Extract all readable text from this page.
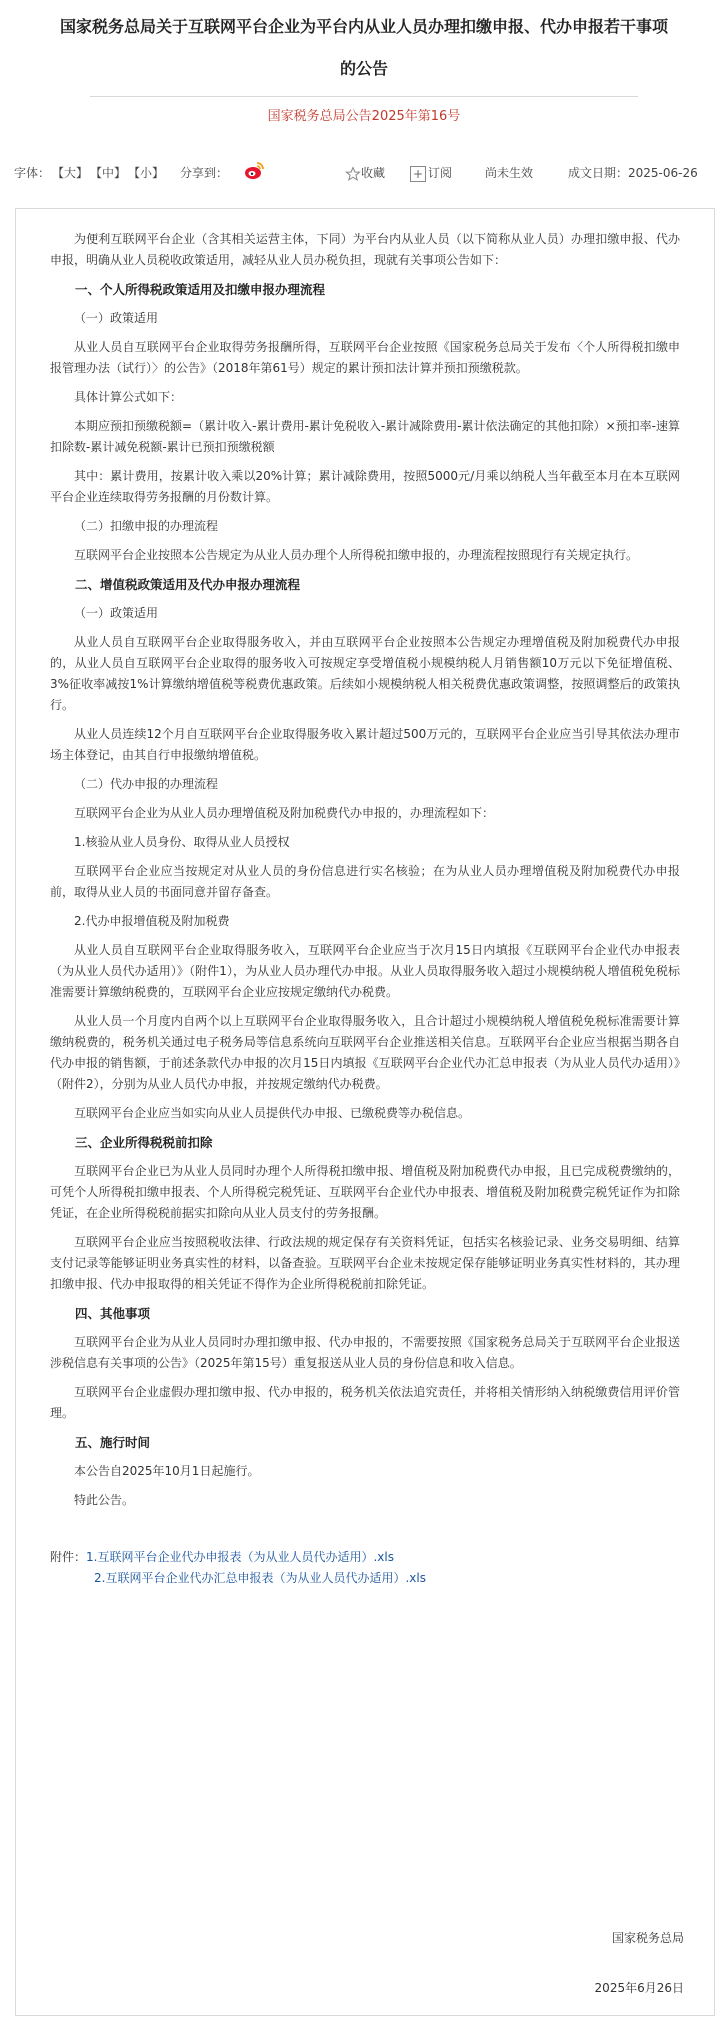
国家税务总局关于互联网平台企业为平台内从业人员办理扣缴申报、代办申报若干事项
的公告
国家税务总局公告2025年第16号
字体： 【大】 【中】 【小】	分享到：	收藏 + 订阅	尚未生效	成文日期：2025-06-26

为便利互联网平台企业（含其相关运营主体，下同）为平台内从业人员（以下简称从业人员）办理扣缴申报、代办申报，明确从业人员税收政策适用，减轻从业人员办税负担，现就有关事项公告如下：

一、个人所得税政策适用及扣缴申报办理流程

（一）政策适用

从业人员自互联网平台企业取得劳务报酬所得，互联网平台企业按照《国家税务总局关于发布〈个人所得税扣缴申报管理办法（试行）〉的公告》（2018年第61号）规定的累计预扣法计算并预扣预缴税款。

具体计算公式如下：

本期应预扣预缴税额=（累计收入-累计费用-累计免税收入-累计减除费用-累计依法确定的其他扣除）×预扣率-速算扣除数-累计减免税额-累计已预扣预缴税额

其中：累计费用，按累计收入乘以20%计算；累计减除费用，按照5000元/月乘以纳税人当年截至本月在本互联网平台企业连续取得劳务报酬的月份数计算。

（二）扣缴申报的办理流程

互联网平台企业按照本公告规定为从业人员办理个人所得税扣缴申报的，办理流程按照现行有关规定执行。

二、增值税政策适用及代办申报办理流程

（一）政策适用

从业人员自互联网平台企业取得服务收入，并由互联网平台企业按照本公告规定办理增值税及附加税费代办申报的，从业人员自互联网平台企业取得的服务收入可按规定享受增值税小规模纳税人月销售额10万元以下免征增值税、3%征收率减按1%计算缴纳增值税等税费优惠政策。后续如小规模纳税人相关税费优惠政策调整，按照调整后的政策执行。

从业人员连续12个月自互联网平台企业取得服务收入累计超过500万元的，互联网平台企业应当引导其依法办理市场主体登记，由其自行申报缴纳增值税。

（二）代办申报的办理流程

互联网平台企业为从业人员办理增值税及附加税费代办申报的，办理流程如下：

1.核验从业人员身份、取得从业人员授权

互联网平台企业应当按规定对从业人员的身份信息进行实名核验；在为从业人员办理增值税及附加税费代办申报前，取得从业人员的书面同意并留存备查。

2.代办申报增值税及附加税费

从业人员自互联网平台企业取得服务收入，互联网平台企业应当于次月15日内填报《互联网平台企业代办申报表（为从业人员代办适用）》（附件1），为从业人员办理代办申报。从业人员取得服务收入超过小规模纳税人增值税免税标准需要计算缴纳税费的，互联网平台企业应按规定缴纳代办税费。

从业人员一个月度内自两个以上互联网平台企业取得服务收入，且合计超过小规模纳税人增值税免税标准需要计算缴纳税费的，税务机关通过电子税务局等信息系统向互联网平台企业推送相关信息。互联网平台企业应当根据当期各自代办申报的销售额，于前述条款代办申报的次月15日内填报《互联网平台企业代办汇总申报表（为从业人员代办适用）》（附件2），分别为从业人员代办申报，并按规定缴纳代办税费。

互联网平台企业应当如实向从业人员提供代办申报、已缴税费等办税信息。

三、企业所得税税前扣除

互联网平台企业已为从业人员同时办理个人所得税扣缴申报、增值税及附加税费代办申报，且已完成税费缴纳的，可凭个人所得税扣缴申报表、个人所得税完税凭证、互联网平台企业代办申报表、增值税及附加税费完税凭证作为扣除凭证，在企业所得税税前据实扣除向从业人员支付的劳务报酬。

互联网平台企业应当按照税收法律、行政法规的规定保存有关资料凭证，包括实名核验记录、业务交易明细、结算支付记录等能够证明业务真实性的材料，以备查验。互联网平台企业未按规定保存能够证明业务真实性材料的，其办理扣缴申报、代办申报取得的相关凭证不得作为企业所得税税前扣除凭证。

四、其他事项

互联网平台企业为从业人员同时办理扣缴申报、代办申报的，不需要按照《国家税务总局关于互联网平台企业报送涉税信息有关事项的公告》（2025年第15号）重复报送从业人员的身份信息和收入信息。

互联网平台企业虚假办理扣缴申报、代办申报的，税务机关依法追究责任，并将相关情形纳入纳税缴费信用评价管理。

五、施行时间

本公告自2025年10月1日起施行。

特此公告。

附件：1.互联网平台企业代办申报表（为从业人员代办适用）.xls
2.互联网平台企业代办汇总申报表（为从业人员代办适用）.xls
国家税务总局
2025年6月26日
